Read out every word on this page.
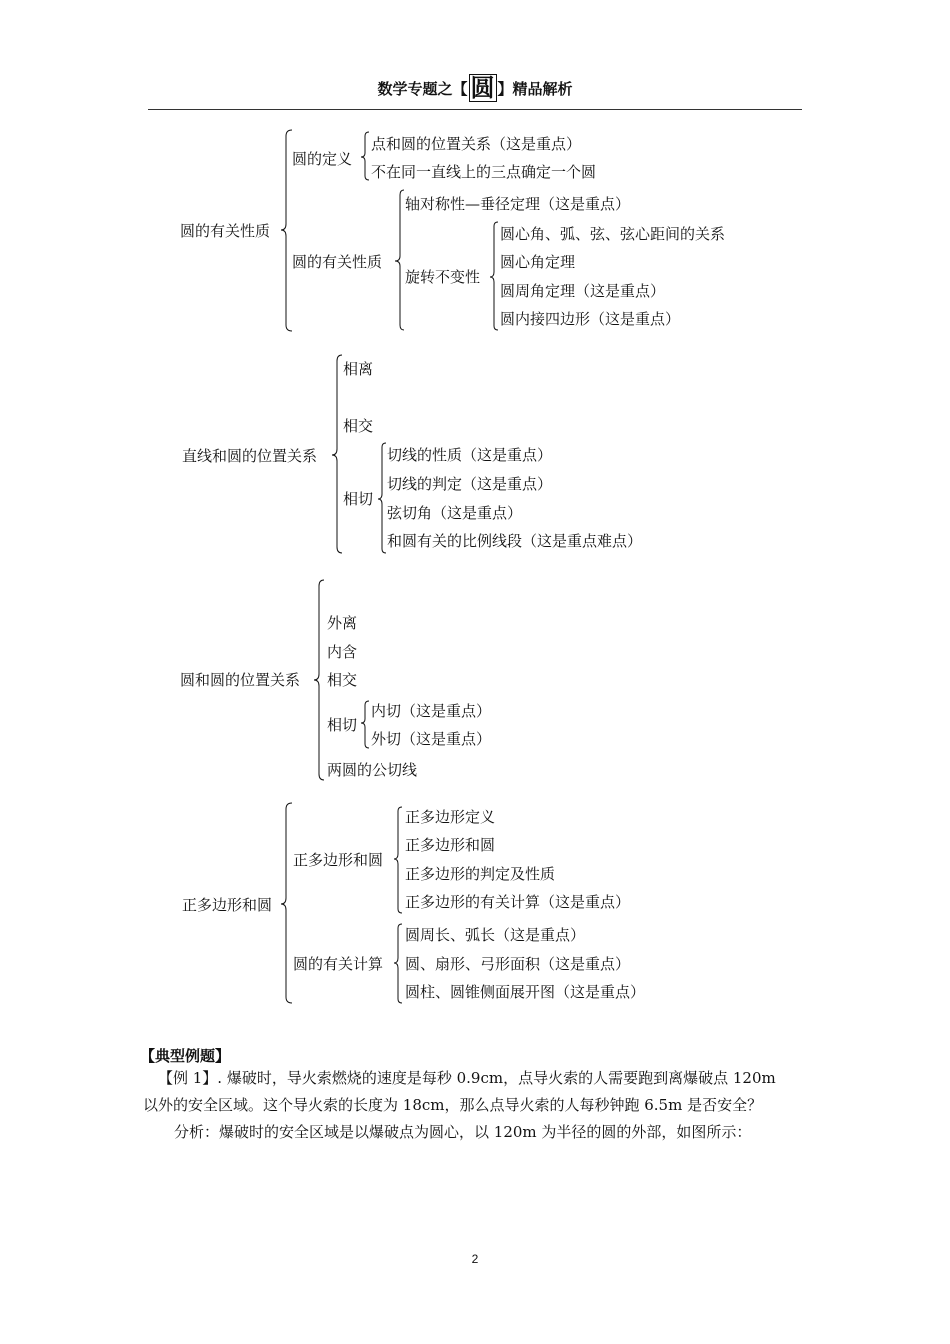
数学专题之【 圆 】精品解析
圆的有关性质
圆的定义
点和圆的位置关系（这是重点）
不在同一直线上的三点确定一个圆
圆的有关性质
轴对称性—垂径定理（这是重点）
旋转不变性
圆心角、弧、弦、弦心距间的关系
圆心角定理
圆周角定理（这是重点）
圆内接四边形（这是重点）
直线和圆的位置关系
相离
相交
相切
切线的性质（这是重点）
切线的判定（这是重点）
弦切角（这是重点）
和圆有关的比例线段（这是重点难点）
圆和圆的位置关系
外离
内含
相交
相切
内切（这是重点）
外切（这是重点）
两圆的公切线
正多边形和圆
正多边形和圆
正多边形定义
正多边形和圆
正多边形的判定及性质
正多边形的有关计算（这是重点）
圆的有关计算
圆周长、弧长（这是重点）
圆、扇形、弓形面积（这是重点）
圆柱、圆锥侧面展开图（这是重点）
【典型例题】
【例 1】. 爆破时，导火索燃烧的速度是每秒 0.9cm，点导火索的人需要跑到离爆破点 120m
以外的安全区域。这个导火索的长度为 18cm，那么点导火索的人每秒钟跑 6.5m 是否安全？
分析：爆破时的安全区域是以爆破点为圆心，以 120m 为半径的圆的外部，如图所示：
2
